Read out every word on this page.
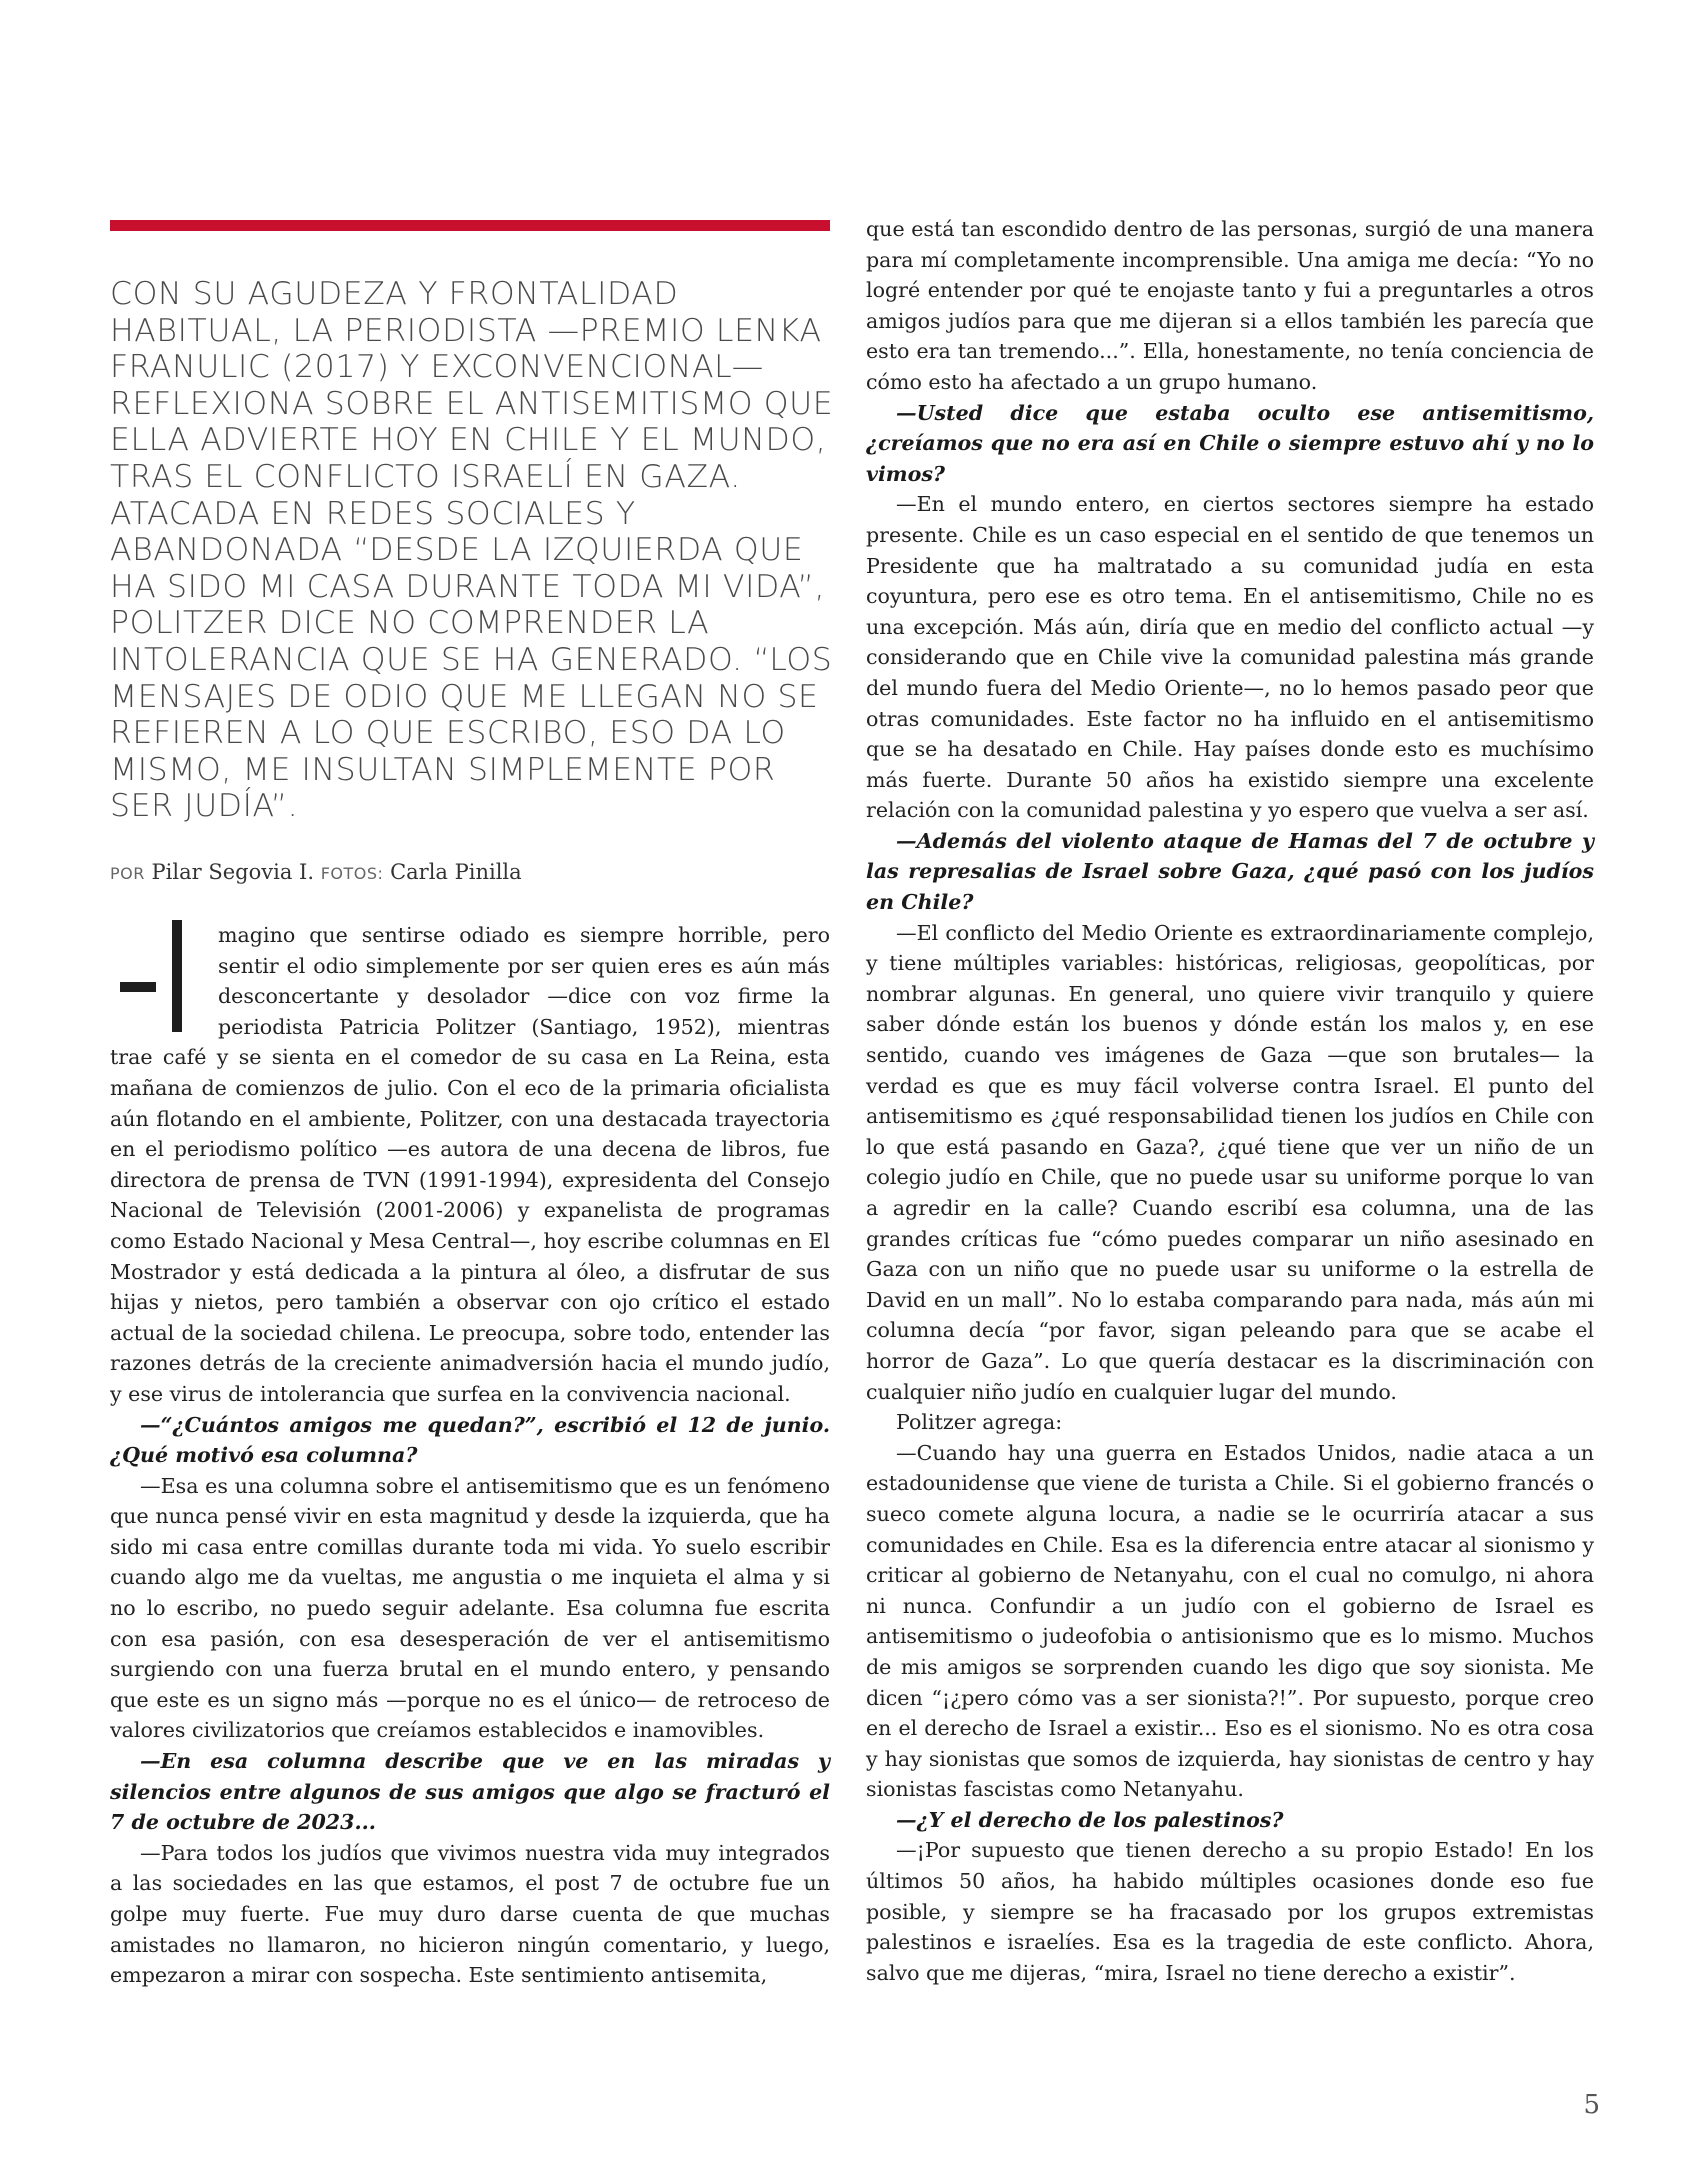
CON SU AGUDEZA Y FRONTALIDAD HABITUAL, LA PERIODISTA —PREMIO LENKA FRANULIC (2017) Y EXCONVENCIONAL— REFLEXIONA SOBRE EL ANTISEMITISMO QUE ELLA ADVIERTE HOY EN CHILE Y EL MUNDO, TRAS EL CONFLICTO ISRAELÍ EN GAZA. ATACADA EN REDES SOCIALES Y ABANDONADA “DESDE LA IZQUIERDA QUE HA SIDO MI CASA DURANTE TODA MI VIDA”, POLITZER DICE NO COMPRENDER LA INTOLERANCIA QUE SE HA GENERADO. “LOS MENSAJES DE ODIO QUE ME LLEGAN NO SE REFIEREN A LO QUE ESCRIBO, ESO DA LO MISMO, ME INSULTAN SIMPLEMENTE POR SER JUDÍA”.

POR Pilar Segovia I. FOTOS: Carla Pinilla

magino que sentirse odiado es siempre horrible, pero sentir el odio simplemente por ser quien eres es aún más desconcertante y desolador —dice con voz firme la periodista Patricia Politzer (Santiago, 1952), mientras trae café y se sienta en el comedor de su casa en La Reina, esta mañana de comienzos de julio. Con el eco de la primaria oficialista aún flotando en el ambiente, Politzer, con una destacada trayectoria en el periodismo político —es autora de una decena de libros, fue directora de prensa de TVN (1991-1994), expresidenta del Consejo Nacional de Televisión (2001-2006) y expanelista de programas como Estado Nacional y Mesa Central—, hoy escribe columnas en El Mostrador y está dedicada a la pintura al óleo, a disfrutar de sus hijas y nietos, pero también a observar con ojo crítico el estado actual de la sociedad chilena. Le preocupa, sobre todo, entender las razones detrás de la creciente animadversión hacia el mundo judío, y ese virus de intolerancia que surfea en la convivencia nacional.

—“¿Cuántos amigos me quedan?”, escribió el 12 de junio. ¿Qué motivó esa columna?

—Esa es una columna sobre el antisemitismo que es un fenómeno que nunca pensé vivir en esta magnitud y desde la izquierda, que ha sido mi casa entre comillas durante toda mi vida. Yo suelo escribir cuando algo me da vueltas, me angustia o me inquieta el alma y si no lo escribo, no puedo seguir adelante. Esa columna fue escrita con esa pasión, con esa desesperación de ver el antisemitismo surgiendo con una fuerza brutal en el mundo entero, y pensando que este es un signo más —porque no es el único— de retroceso de valores civilizatorios que creíamos establecidos e inamovibles.

—En esa columna describe que ve en las miradas y silencios entre algunos de sus amigos que algo se fracturó el 7 de octubre de 2023...

—Para todos los judíos que vivimos nuestra vida muy integrados a las sociedades en las que estamos, el post 7 de octubre fue un golpe muy fuerte. Fue muy duro darse cuenta de que muchas amistades no llamaron, no hicieron ningún comentario, y luego, empezaron a mirar con sospecha. Este sentimiento antisemita,

que está tan escondido dentro de las personas, surgió de una manera para mí completamente incomprensible. Una amiga me decía: “Yo no logré entender por qué te enojaste tanto y fui a preguntarles a otros amigos judíos para que me dijeran si a ellos también les parecía que esto era tan tremendo...”. Ella, honestamente, no tenía conciencia de cómo esto ha afectado a un grupo humano.

—Usted dice que estaba oculto ese antisemitismo, ¿creíamos que no era así en Chile o siempre estuvo ahí y no lo vimos?

—En el mundo entero, en ciertos sectores siempre ha estado presente. Chile es un caso especial en el sentido de que tenemos un Presidente que ha maltratado a su comunidad judía en esta coyuntura, pero ese es otro tema. En el antisemitismo, Chile no es una excepción. Más aún, diría que en medio del conflicto actual —y considerando que en Chile vive la comunidad palestina más grande del mundo fuera del Medio Oriente—, no lo hemos pasado peor que otras comunidades. Este factor no ha influido en el antisemitismo que se ha desatado en Chile. Hay países donde esto es muchísimo más fuerte. Durante 50 años ha existido siempre una excelente relación con la comunidad palestina y yo espero que vuelva a ser así.

—Además del violento ataque de Hamas del 7 de octubre y las represalias de Israel sobre Gaza, ¿qué pasó con los judíos en Chile?

—El conflicto del Medio Oriente es extraordinariamente complejo, y tiene múltiples variables: históricas, religiosas, geopolíticas, por nombrar algunas. En general, uno quiere vivir tranquilo y quiere saber dónde están los buenos y dónde están los malos y, en ese sentido, cuando ves imágenes de Gaza —que son brutales— la verdad es que es muy fácil volverse contra Israel. El punto del antisemitismo es ¿qué responsabilidad tienen los judíos en Chile con lo que está pasando en Gaza?, ¿qué tiene que ver un niño de un colegio judío en Chile, que no puede usar su uniforme porque lo van a agredir en la calle? Cuando escribí esa columna, una de las grandes críticas fue “cómo puedes comparar un niño asesinado en Gaza con un niño que no puede usar su uniforme o la estrella de David en un mall”. No lo estaba comparando para nada, más aún mi columna decía “por favor, sigan peleando para que se acabe el horror de Gaza”. Lo que quería destacar es la discriminación con cualquier niño judío en cualquier lugar del mundo.

Politzer agrega:

—Cuando hay una guerra en Estados Unidos, nadie ataca a un estadounidense que viene de turista a Chile. Si el gobierno francés o sueco comete alguna locura, a nadie se le ocurriría atacar a sus comunidades en Chile. Esa es la diferencia entre atacar al sionismo y criticar al gobierno de Netanyahu, con el cual no comulgo, ni ahora ni nunca. Confundir a un judío con el gobierno de Israel es antisemitismo o judeofobia o antisionismo que es lo mismo. Muchos de mis amigos se sorprenden cuando les digo que soy sionista. Me dicen “¡¿pero cómo vas a ser sionista?!”. Por supuesto, porque creo en el derecho de Israel a existir... Eso es el sionismo. No es otra cosa y hay sionistas que somos de izquierda, hay sionistas de centro y hay sionistas fascistas como Netanyahu.

—¿Y el derecho de los palestinos?

—¡Por supuesto que tienen derecho a su propio Estado! En los últimos 50 años, ha habido múltiples ocasiones donde eso fue posible, y siempre se ha fracasado por los grupos extremistas palestinos e israelíes. Esa es la tragedia de este conflicto. Ahora, salvo que me dijeras, “mira, Israel no tiene derecho a existir”.

5
